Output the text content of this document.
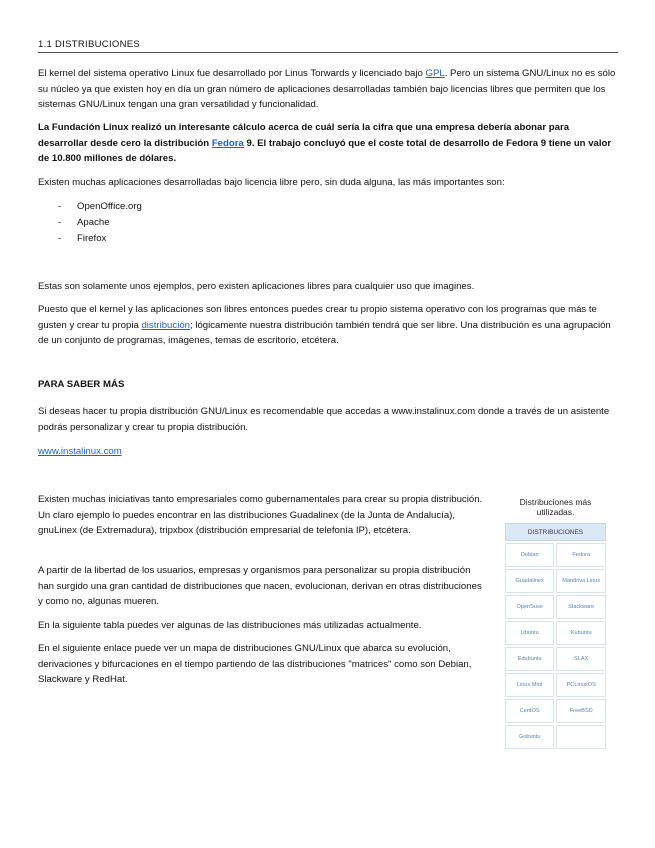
1.1 DISTRIBUCIONES

El kernel del sistema operativo Linux fue desarrollado por Linus Torwards y licenciado bajo GPL. Pero un sistema GNU/Linux no es sólo su núcleo ya que existen hoy en día un gran número de aplicaciones desarrolladas también bajo licencias libres que permiten que los sistemas GNU/Linux tengan una gran versatilidad y funcionalidad.

La Fundación Linux realizó un interesante cálculo acerca de cuál sería la cifra que una empresa debería abonar para desarrollar desde cero la distribución Fedora 9. El trabajo concluyó que el coste total de desarrollo de Fedora 9 tiene un valor de 10.800 millones de dólares.

Existen muchas aplicaciones desarrolladas bajo licencia libre pero, sin duda alguna, las más importantes son:

- OpenOffice.org
- Apache
- Firefox

Estas son solamente unos ejemplos, pero existen aplicaciones libres para cualquier uso que imagines.

Puesto que el kernel y las aplicaciones son libres entonces puedes crear tu propio sistema operativo con los programas que más te gusten y crear tu propia distribución; lógicamente nuestra distribución también tendrá que ser libre. Una distribución es una agrupación de un conjunto de programas, imágenes, temas de escritorio, etcétera.

PARA SABER MÁS

Si deseas hacer tu propia distribución GNU/Linux es recomendable que accedas a www.instalinux.com donde a través de un asistente podrás personalizar y crear tu propia distribución.

www.instalinux.com

Existen muchas iniciativas tanto empresariales como gubernamentales para crear su propia distribución. Un claro ejemplo lo puedes encontrar en las distribuciones Guadalinex (de la Junta de Andalucía), gnuLinex (de Extremadura), tripxbox (distribución empresarial de telefonía IP), etcétera.

A partir de la libertad de los usuarios, empresas y organismos para personalizar su propia distribución han surgido una gran cantidad de distribuciones que nacen, evolucionan, derivan en otras distribuciones y como no, algunas mueren.

En la siguiente tabla puedes ver algunas de las distribuciones más utilizadas actualmente.

En el siguiente enlace puede ver un mapa de distribuciones GNU/Linux que abarca su evolución, derivaciones y bifurcaciones en el tiempo partiendo de las distribuciones "matrices" como son Debian, Slackware y RedHat.

Distribuciones más utilizadas.
DISTRIBUCIONES	
Debian	Fedora
Guadalinex	Mandriva Linux
OpenSuse	Slackware
Ubuntu	Kubuntu
Edubuntu	SLAX
Linux Mint	PCLinuxOS
CentOS	FreeBSD
Gobuntu	
